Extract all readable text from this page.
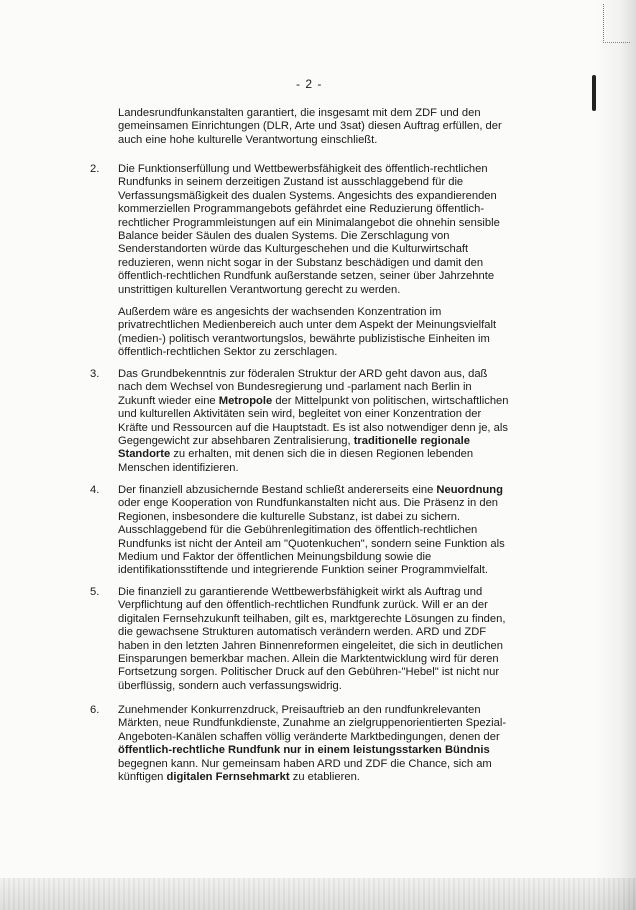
- 2 -

Landesrundfunkanstalten garantiert, die insgesamt mit dem ZDF und den gemeinsamen Einrichtungen (DLR, Arte und 3sat) diesen Auftrag erfüllen, der auch eine hohe kulturelle Verantwortung einschließt.

2. Die Funktionserfüllung und Wettbewerbsfähigkeit des öffentlich-rechtlichen Rundfunks in seinem derzeitigen Zustand ist ausschlaggebend für die Verfassungsmäßigkeit des dualen Systems. Angesichts des expandierenden kommerziellen Programmangebots gefährdet eine Reduzierung öffentlich-rechtlicher Programmleistungen auf ein Minimalangebot die ohnehin sensible Balance beider Säulen des dualen Systems. Die Zerschlagung von Senderstandorten würde das Kulturgeschehen und die Kulturwirtschaft reduzieren, wenn nicht sogar in der Substanz beschädigen und damit den öffentlich-rechtlichen Rundfunk außerstande setzen, seiner über Jahrzehnte unstrittigen kulturellen Verantwortung gerecht zu werden.

Außerdem wäre es angesichts der wachsenden Konzentration im privatrechtlichen Medienbereich auch unter dem Aspekt der Meinungsvielfalt (medien-) politisch verantwortungslos, bewährte publizistische Einheiten im öffentlich-rechtlichen Sektor zu zerschlagen.

3. Das Grundbekenntnis zur föderalen Struktur der ARD geht davon aus, daß nach dem Wechsel von Bundesregierung und -parlament nach Berlin in Zukunft wieder eine Metropole der Mittelpunkt von politischen, wirtschaftlichen und kulturellen Aktivitäten sein wird, begleitet von einer Konzentration der Kräfte und Ressourcen auf die Hauptstadt. Es ist also notwendiger denn je, als Gegengewicht zur absehbaren Zentralisierung, traditionelle regionale Standorte zu erhalten, mit denen sich die in diesen Regionen lebenden Menschen identifizieren.

4. Der finanziell abzusichernde Bestand schließt andererseits eine Neuordnung oder enge Kooperation von Rundfunkanstalten nicht aus. Die Präsenz in den Regionen, insbesondere die kulturelle Substanz, ist dabei zu sichern. Ausschlaggebend für die Gebührenlegitimation des öffentlich-rechtlichen Rundfunks ist nicht der Anteil am "Quotenkuchen", sondern seine Funktion als Medium und Faktor der öffentlichen Meinungsbildung sowie die identifikationsstiftende und integrierende Funktion seiner Programmvielfalt.

5. Die finanziell zu garantierende Wettbewerbsfähigkeit wirkt als Auftrag und Verpflichtung auf den öffentlich-rechtlichen Rundfunk zurück. Will er an der digitalen Fernsehzukunft teilhaben, gilt es, marktgerechte Lösungen zu finden, die gewachsene Strukturen automatisch verändern werden. ARD und ZDF haben in den letzten Jahren Binnenreformen eingeleitet, die sich in deutlichen Einsparungen bemerkbar machen. Allein die Marktentwicklung wird für deren Fortsetzung sorgen. Politischer Druck auf den Gebühren-"Hebel" ist nicht nur überflüssig, sondern auch verfassungswidrig.

6. Zunehmender Konkurrenzdruck, Preisauftrieb an den rundfunkrelevanten Märkten, neue Rundfunkdienste, Zunahme an zielgruppenorientierten Spezial-Angeboten-Kanälen schaffen völlig veränderte Marktbedingungen, denen der öffentlich-rechtliche Rundfunk nur in einem leistungsstarken Bündnis begegnen kann. Nur gemeinsam haben ARD und ZDF die Chance, sich am künftigen digitalen Fernsehmarkt zu etablieren.
